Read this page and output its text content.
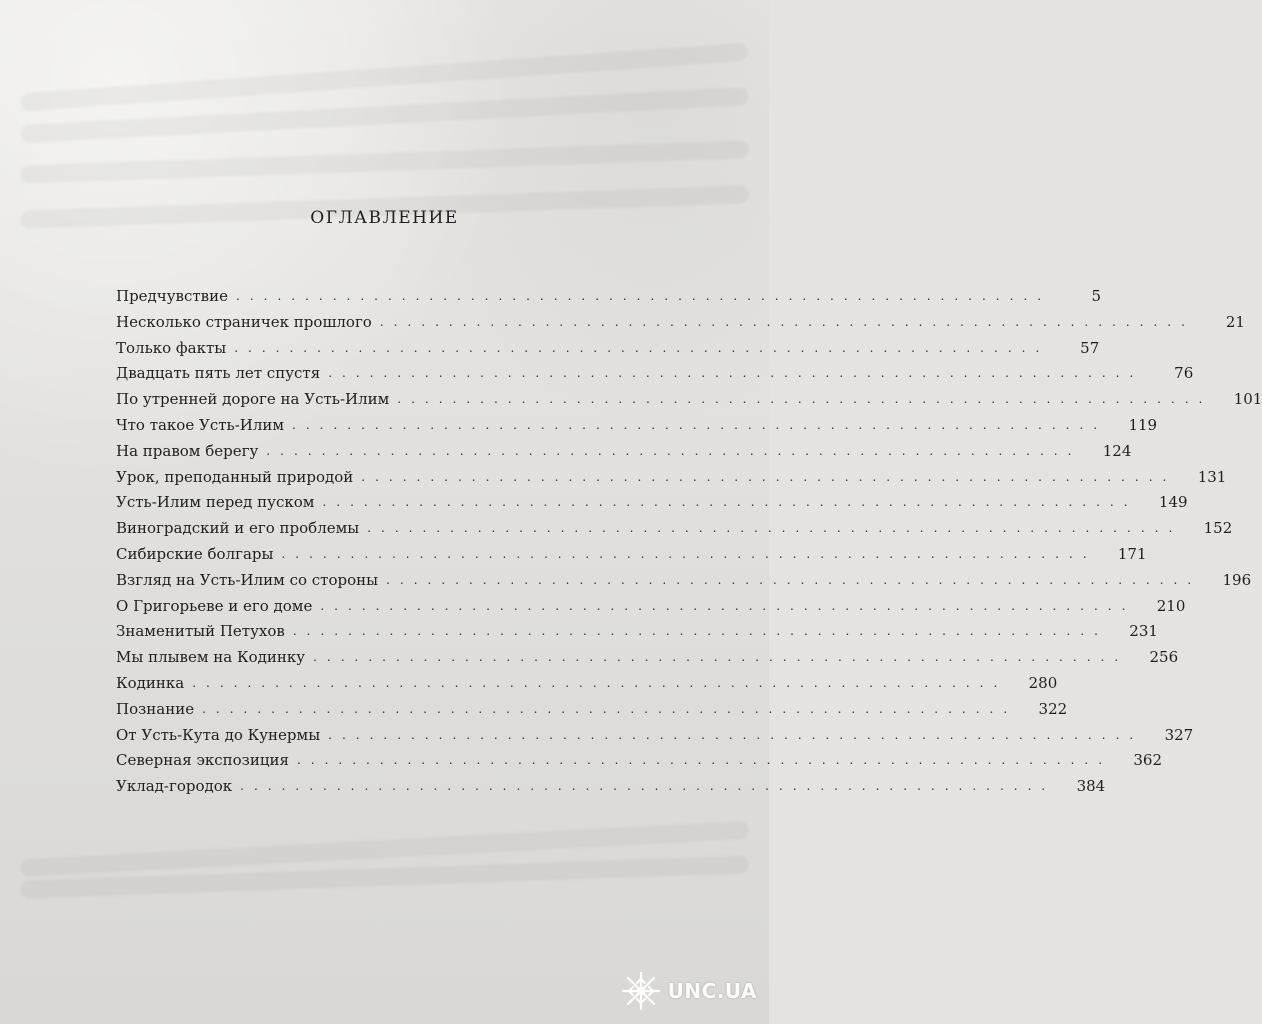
ОГЛАВЛЕНИЕ
Предчувствие ...........................................................	5
Несколько страничек прошлого ...........................................................	21
Только факты ...........................................................	57
Двадцать пять лет спустя ...........................................................	76
По утренней дороге на Усть-Илим ...........................................................	101
Что такое Усть-Илим ...........................................................	119
На правом берегу ...........................................................	124
Урок, преподанный природой ...........................................................	131
Усть-Илим перед пуском ...........................................................	149
Виноградский и его проблемы ...........................................................	152
Сибирские болгары ...........................................................	171
Взгляд на Усть-Илим со стороны ...........................................................	196
О Григорьеве и его доме ...........................................................	210
Знаменитый Петухов ...........................................................	231
Мы плывем на Кодинку ...........................................................	256
Кодинка ...........................................................	280
Познание ...........................................................	322
От Усть-Кута до Кунермы ...........................................................	327
Северная экспозиция ...........................................................	362
Уклад-городок ...........................................................	384
UNC.UA
